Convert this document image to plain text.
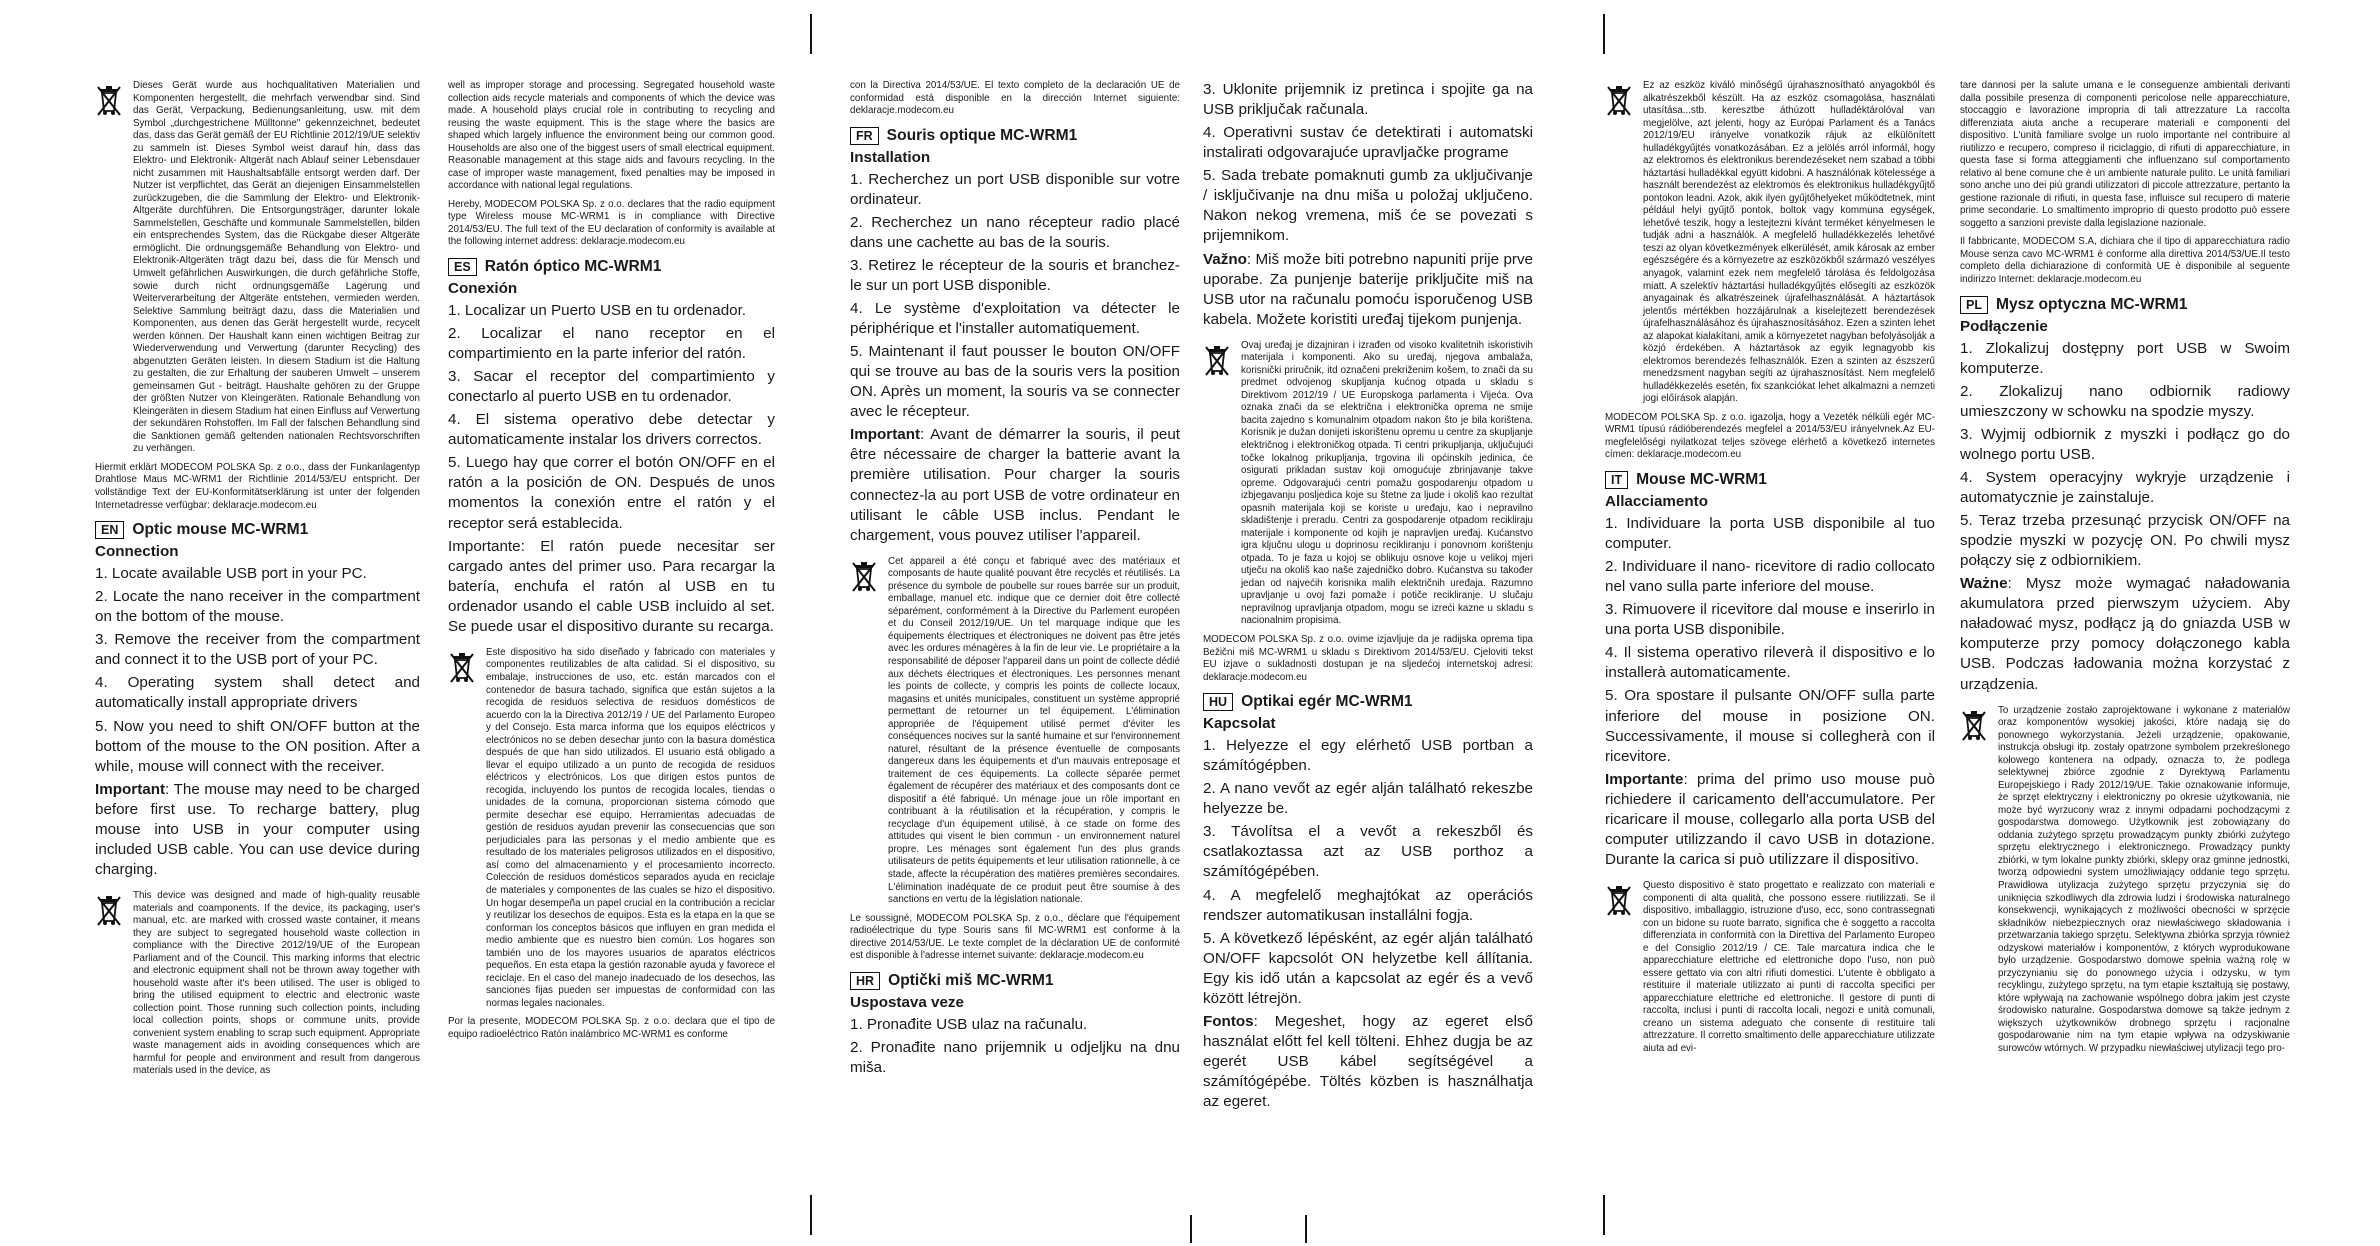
Dieses Gerät wurde aus hochqualitativen Materialien und Komponenten hergestellt, die mehrfach verwendbar sind. Sind das Gerät, Verpackung, Bedienungsanleitung, usw. mit dem Symbol „durchgestrichene Mülltonne" gekennzeichnet, bedeutet das, dass das Gerät gemäß der EU Richtlinie 2012/19/UE selektiv zu sammeln ist. Dieses Symbol weist darauf hin, dass das Elektro- und Elektronik- Altgerät nach Ablauf seiner Lebensdauer nicht zusammen mit Haushaltsabfälle entsorgt werden darf. Der Nutzer ist verpflichtet, das Gerät an diejenigen Einsammelstellen zurückzugeben, die die Sammlung der Elektro- und Elektronik-Altgeräte durchführen. Die Entsorgungsträger, darunter lokale Sammelstellen, Geschäfte und kommunale Sammelstellen, bilden ein entsprechendes System, das die Rückgabe dieser Altgeräte ermöglicht. Die ordnungsgemäße Behandlung von Elektro- und Elektronik-Altgeräten trägt dazu bei, dass die für Mensch und Umwelt gefährlichen Auswirkungen, die durch gefährliche Stoffe, sowie durch nicht ordnungsgemäße Lagerung und Weiterverarbeitung der Altgeräte entstehen, vermieden werden. Selektive Sammlung beiträgt dazu, dass die Materialien und Komponenten, aus denen das Gerät hergestellt wurde, recycelt werden können. Der Haushalt kann einen wichtigen Beitrag zur Wiederverwendung und Verwertung (darunter Recycling) des abgenutzten Geräten leisten. In diesem Stadium ist die Haltung zu gestalten, die zur Erhaltung der sauberen Umwelt – unserem gemeinsamen Gut - beiträgt. Haushalte gehören zu der Gruppe der größten Nutzer von Kleingeräten. Rationale Behandlung von Kleingeräten in diesem Stadium hat einen Einfluss auf Verwertung der sekundären Rohstoffen. Im Fall der falschen Behandlung sind die Sanktionen gemäß geltenden nationalen Rechtsvorschriften zu verhängen.

Hiermit erklärt MODECOM POLSKA Sp. z o.o., dass der Funkanlagentyp Drahtlose Maus MC-WRM1 der Richtlinie 2014/53/EU entspricht. Der vollständige Text der EU-Konformitätserklärung ist unter der folgenden Internetadresse verfügbar: deklaracje.modecom.eu

EN Optic mouse MC-WRM1
Connection

1. Locate available USB port in your PC.

2. Locate the nano receiver in the compartment on the bottom of the mouse.

3. Remove the receiver from the compartment and connect it to the USB port of your PC.

4. Operating system shall detect and automatically install appropriate drivers

5. Now you need to shift ON/OFF button at the bottom of the mouse to the ON position. After a while, mouse will connect with the receiver.

Important: The mouse may need to be charged before first use. To recharge battery, plug mouse into USB in your computer using included USB cable. You can use device during charging.

This device was designed and made of high-quality reusable materials and coamponents. If the device, its packaging, user's manual, etc. are marked with crossed waste container, it means they are subject to segregated household waste collection in compliance with the Directive 2012/19/UE of the European Parliament and of the Council. This marking informs that electric and electronic equipment shall not be thrown away together with household waste after it's been utilised. The user is obliged to bring the utilised equipment to electric and electronic waste collection point. Those running such collection points, including local collection points, shops or commune units, provide convenient system enabling to scrap such equipment. Appropriate waste management aids in avoiding consequences which are harmful for people and environment and result from dangerous materials used in the device, as

well as improper storage and processing. Segregated household waste collection aids recycle materials and components of which the device was made. A household plays crucial role in contributing to recycling and reusing the waste equipment. This is the stage where the basics are shaped which largely influence the environment being our common good. Households are also one of the biggest users of small electrical equipment. Reasonable management at this stage aids and favours recycling. In the case of improper waste management, fixed penalties may be imposed in accordance with national legal regulations.

Hereby, MODECOM POLSKA Sp. z o.o. declares that the radio equipment type Wireless mouse MC-WRM1 is in compliance with Directive 2014/53/EU. The full text of the EU declaration of conformity is available at the following internet address: deklaracje.modecom.eu

ES Ratón óptico MC-WRM1
Conexión

1. Localizar un Puerto USB en tu ordenador.

2. Localizar el nano receptor en el compartimiento en la parte inferior del ratón.

3. Sacar el receptor del compartimiento y conectarlo al puerto USB en tu ordenador.

4. El sistema operativo debe detectar y automaticamente instalar los drivers correctos.

5. Luego hay que correr el botón ON/OFF en el ratón a la posición de ON. Después de unos momentos la conexión entre el ratón y el receptor será establecida.

Importante: El ratón puede necesitar ser cargado antes del primer uso. Para recargar la batería, enchufa el ratón al USB en tu ordenador usando el cable USB incluido al set. Se puede usar el dispositivo durante su recarga.

Este dispositivo ha sido diseñado y fabricado con materiales y componentes reutilizables de alta calidad. Si el dispositivo, su embalaje, instrucciones de uso, etc. están marcados con el contenedor de basura tachado, significa que están sujetos a la recogida de residuos selectiva de residuos domésticos de acuerdo con la la Directiva 2012/19 / UE del Parlamento Europeo y del Consejo. Esta marca informa que los equipos eléctricos y electrónicos no se deben desechar junto con la basura doméstica después de que han sido utilizados. El usuario está obligado a llevar el equipo utilizado a un punto de recogida de residuos eléctricos y electrónicos. Los que dirigen estos puntos de recogida, incluyendo los puntos de recogida locales, tiendas o unidades de la comuna, proporcionan sistema cómodo que permite desechar ese equipo. Herramientas adecuadas de gestión de residuos ayudan prevenir las consecuencias que son perjudiciales para las personas y el medio ambiente que es resultado de los materiales peligrosos utilizados en el dispositivo, así como del almacenamiento y el procesamiento incorrecto. Colección de residuos domésticos separados ayuda en reciclaje de materiales y componentes de las cuales se hizo el dispositivo. Un hogar desempeña un papel crucial en la contribución a reciclar y reutilizar los desechos de equipos. Esta es la etapa en la que se conforman los conceptos básicos que influyen en gran medida el medio ambiente que es nuestro bien común. Los hogares son también uno de los mayores usuarios de aparatos eléctricos pequeños. En esta etapa la gestión razonable ayuda y favorece el reciclaje. En el caso del manejo inadecuado de los desechos, las sanciones fijas pueden ser impuestas de conformidad con las normas legales nacionales.

Por la presente, MODECOM POLSKA Sp. z o.o. declara que el tipo de equipo radioeléctrico Ratón inalámbrico MC-WRM1 es conforme

con la Directiva 2014/53/UE. El texto completo de la declaración UE de conformidad está disponible en la dirección Internet siguiente: deklaracje.modecom.eu

FR Souris optique MC-WRM1
Installation

1. Recherchez un port USB disponible sur votre ordinateur.

2. Recherchez un nano récepteur radio placé dans une cachette au bas de la souris.

3. Retirez le récepteur de la souris et branchez-le sur un port USB disponible.

4. Le système d'exploitation va détecter le périphérique et l'installer automatiquement.

5. Maintenant il faut pousser le bouton ON/OFF qui se trouve au bas de la souris vers la position ON. Après un moment, la souris va se connecter avec le récepteur.

Important: Avant de démarrer la souris, il peut être nécessaire de charger la batterie avant la première utilisation. Pour charger la souris connectez-la au port USB de votre ordinateur en utilisant le câble USB inclus. Pendant le chargement, vous pouvez utiliser l'appareil.

Cet appareil a été conçu et fabriqué avec des matériaux et composants de haute qualité pouvant être recyclés et réutilisés. La présence du symbole de poubelle sur roues barrée sur un produit, emballage, manuel etc. indique que ce dernier doit être collecté séparément, conformément à la Directive du Parlement européen et du Conseil 2012/19/UE. Un tel marquage indique que les équipements électriques et électroniques ne doivent pas être jetés avec les ordures ménagères à la fin de leur vie. Le propriétaire a la responsabilité de déposer l'appareil dans un point de collecte dédié aux déchets électriques et électroniques. Les personnes menant les points de collecte, y compris les points de collecte locaux, magasins et unités municipales, constituent un système approprié permettant de retourner un tel équipement. L'élimination appropriée de l'équipement utilisé permet d'éviter les conséquences nocives sur la santé humaine et sur l'environnement naturel, résultant de la présence éventuelle de composants dangereux dans les équipements et d'un mauvais entreposage et traitement de ces équipements. La collecte séparée permet également de récupérer des matériaux et des composants dont ce dispositif a été fabriqué. Un ménage joue un rôle important en contribuant à la réutilisation et la récupération, y compris le recyclage d'un équipement utilisé, à ce stade on forme des attitudes qui visent le bien commun - un environnement naturel propre. Les ménages sont également l'un des plus grands utilisateurs de petits équipements et leur utilisation rationnelle, à ce stade, affecte la récupération des matières premières secondaires. L'élimination inadéquate de ce produit peut être soumise à des sanctions en vertu de la législation nationale.

Le soussigné, MODECOM POLSKA Sp. z o.o., déclare que l'équipement radioélectrique du type Souris sans fil MC-WRM1 est conforme à la directive 2014/53/UE. Le texte complet de la déclaration UE de conformité est disponible à l'adresse internet suivante: deklaracje.modecom.eu

HR Optički miš MC-WRM1
Uspostava veze

1. Pronađite USB ulaz na računalu.

2. Pronađite nano prijemnik u odjeljku na dnu miša.

3. Uklonite prijemnik iz pretinca i spojite ga na USB priključak računala.

4. Operativni sustav će detektirati i automatski instalirati odgovarajuće upravljačke programe

5. Sada trebate pomaknuti gumb za uključivanje / isključivanje na dnu miša u položaj uključeno. Nakon nekog vremena, miš će se povezati s prijemnikom.

Važno: Miš može biti potrebno napuniti prije prve uporabe. Za punjenje baterije priključite miš na USB utor na računalu pomoću isporučenog USB kabela. Možete koristiti uređaj tijekom punjenja.

Ovaj uređaj je dizajniran i izrađen od visoko kvalitetnih iskoristivih materijala i komponenti. Ako su uređaj, njegova ambalaža, korisnički priručnik, itd označeni prekriženim košem, to znači da su predmet odvojenog skupljanja kućnog otpada u skladu s Direktivom 2012/19 / UE Europskoga parlamenta i Vijeća. Ova oznaka znači da se električna i elektronička oprema ne smije bacita zajedno s komunalnim otpadom nakon što je bila korištena. Korisnik je dužan donijeti iskorištenu opremu u centre za skupljanje električnog i elektroničkog otpada. Ti centri prikupljanja, uključujući točke lokalnog prikupljanja, trgovina ili općinskih jedinica, će osigurati prikladan sustav koji omogućuje zbrinjavanje takve opreme. Odgovarajući centri pomažu gospodarenju otpadom u izbjegavanju posljedica koje su štetne za ljude i okoliš kao rezultat opasnih materijala koji se koriste u uređaju, kao i nepravilno skladištenje i preradu. Centri za gospodarenje otpadom recikliraju materijale i komponente od kojih je napravljen uređaj. Kućanstvo igra ključnu ulogu u doprinosu recikliranju i ponovnom korištenju otpada. To je faza u kojoj se oblikuju osnove koje u velikoj mjeri utječu na okoliš kao naše zajedničko dobro. Kućanstva su također jedan od najvećih korisnika malih električnih uređaja. Razumno upravljanje u ovoj fazi pomaže i potiče recikliranje. U slučaju nepravilnog upravljanja otpadom, mogu se izreći kazne u skladu s nacionalnim propisima.

MODECOM POLSKA Sp. z o.o. ovime izjavljuje da je radijska oprema tipa Bežični miš MC-WRM1 u skladu s Direktivom 2014/53/EU. Cjeloviti tekst EU izjave o sukladnosti dostupan je na sljedećoj internetskoj adresi: deklaracje.modecom.eu

HU Optikai egér MC-WRM1
Kapcsolat

1. Helyezze el egy elérhető USB portban a számítógépben.

2. A nano vevőt az egér alján található rekeszbe helyezze be.

3. Távolítsa el a vevőt a rekeszből és csatlakoztassa azt az USB porthoz a számítógépében.

4. A megfelelő meghajtókat az operációs rendszer automatikusan installálni fogja.

5. A következő lépésként, az egér alján található ON/OFF kapcsolót ON helyzetbe kell állítania. Egy kis idő után a kapcsolat az egér és a vevő között létrejön.

Fontos: Megeshet, hogy az egeret első használat előtt fel kell tölteni. Ehhez dugja be az egerét USB kábel segítségével a számítógépébe. Töltés közben is használhatja az egeret.

Ez az eszköz kiváló minőségű újrahasznosítható anyagokból és alkatrészekből készült. Ha az eszköz csomagolása, használati utasítása...stb. keresztbe áthúzott hulladéktárolóval van megjelölve, azt jelenti, hogy az Európai Parlament és a Tanács 2012/19/EU irányelve vonatkozik rájuk az elkülönített hulladékgyűjtés vonatkozásában. Ez a jelölés arról informál, hogy az elektromos és elektronikus berendezéseket nem szabad a többi háztartási hulladékkal együtt kidobni. A használónak kötelessége a használt berendezést az elektromos és elektronikus hulladékgyűjtő pontokon leadni. Azok, akik ilyen gyűjtőhelyeket működtetnek, mint például helyi gyűjtő pontok, boltok vagy kommuna egységek, lehetővé teszik, hogy a lestejtezni kívánt terméket kényelmesen le tudják adni a használók. A megfelelő hulladékkezelés lehetővé teszi az olyan következmények elkerülését, amik károsak az ember egészségére és a környezetre az eszközökből származó veszélyes anyagok, valamint ezek nem megfelelő tárolása és feldolgozása miatt. A szelektív háztartási hulladékgyűjtés elősegíti az eszközök anyagainak és alkatrészeinek újrafelhasználását. A háztartások jelentős mértékben hozzájárulnak a kiselejtezett berendezések újrafelhasználásához és újrahasznosításához. Ezen a szinten lehet az alapokat kialakítani, amik a környezetet nagyban befolyásolják a közjó érdekében. A háztartások az egyik legnagyobb kis elektromos berendezés felhasználók. Ezen a szinten az észszerű menedzsment nagyban segíti az újrahasznosítást. Nem megfelelő hulladékkezelés esetén, fix szankciókat lehet alkalmazni a nemzeti jogi előírások alapján.

MODECOM POLSKA Sp. z o.o. igazolja, hogy a Vezeték nélküli egér MC-WRM1 típusú rádióberendezés megfelel a 2014/53/EU irányelvnek.Az EU-megfelelőségi nyilatkozat teljes szövege elérhető a következő internetes címen: deklaracje.modecom.eu

IT Mouse MC-WRM1
Allacciamento

1. Individuare la porta USB disponibile al tuo computer.

2. Individuare il nano- ricevitore di radio collocato nel vano sulla parte inferiore del mouse.

3. Rimuovere il ricevitore dal mouse e inserirlo in una porta USB disponibile.

4. Il sistema operativo rileverà il dispositivo e lo installerà automaticamente.

5. Ora spostare il pulsante ON/OFF sulla parte inferiore del mouse in posizione ON. Successivamente, il mouse si collegherà con il ricevitore.

Importante: prima del primo uso mouse può richiedere il caricamento dell'accumulatore. Per ricaricare il mouse, collegarlo alla porta USB del computer utilizzando il cavo USB in dotazione. Durante la carica si può utilizzare il dispositivo.

Questo dispositivo è stato progettato e realizzato con materiali e componenti di alta qualità, che possono essere riutilizzati. Se il dispositivo, imballaggio, istruzione d'uso, ecc, sono contrassegnati con un bidone su ruote barrato, significa che è soggetto a raccolta differenziata in conformità con la Direttiva del Parlamento Europeo e del Consiglio 2012/19 / CE. Tale marcatura indica che le apparecchiature elettriche ed elettroniche dopo l'uso, non può essere gettato via con altri rifiuti domestici. L'utente è obbligato a restituire il materiale utilizzato ai punti di raccolta specifici per apparecchiature elettriche ed elettroniche. Il gestore di punti di raccolta, inclusi i punti di raccolta locali, negozi e unità comunali, creano un sistema adeguato che consente di restituire tali attrezzature. Il corretto smaltimento delle apparecchiature utilizzate aiuta ad evi-

tare dannosi per la salute umana e le conseguenze ambientali derivanti dalla possibile presenza di componenti pericolose nelle apparecchiature, stoccaggio e lavorazione impropria di tali attrezzature La raccolta differenziata aiuta anche a recuperare materiali e componenti del dispositivo. L'unità familiare svolge un ruolo importante nel contribuire al riutilizzo e recupero, compreso il riciclaggio, di rifiuti di apparecchiature, in questa fase si forma atteggiamenti che influenzano sul comportamento relativo al bene comune che è un ambiente naturale pulito. Le unità familiari sono anche uno dei più grandi utilizzatori di piccole attrezzature, pertanto la gestione razionale di rifiuti, in questa fase, influisce sul recupero di materie prime secondarie. Lo smaltimento improprio di questo prodotto può essere soggetto a sanzioni previste dalla legislazione nazionale.

Il fabbricante, MODECOM S.A, dichiara che il tipo di apparecchiatura radio Mouse senza cavo MC-WRM1 è conforme alla direttiva 2014/53/UE.Il testo completo della dichiarazione di conformità UE è disponibile al seguente indirizzo Internet: deklaracje.modecom.eu

PL Mysz optyczna MC-WRM1
Podłączenie

1. Zlokalizuj dostępny port USB w Swoim komputerze.

2. Zlokalizuj nano odbiornik radiowy umieszczony w schowku na spodzie myszy.

3. Wyjmij odbiornik z myszki i podłącz go do wolnego portu USB.

4. System operacyjny wykryje urządzenie i automatycznie je zainstaluje.

5. Teraz trzeba przesunąć przycisk ON/OFF na spodzie myszki w pozycję ON. Po chwili mysz połączy się z odbiornikiem.

Ważne: Mysz może wymagać naładowania akumulatora przed pierwszym użyciem. Aby naładować mysz, podłącz ją do gniazda USB w komputerze przy pomocy dołączonego kabla USB. Podczas ładowania można korzystać z urządzenia.

To urządzenie zostało zaprojektowane i wykonane z materiałów oraz komponentów wysokiej jakości, które nadają się do ponownego wykorzystania. Jeżeli urządzenie, opakowanie, instrukcja obsługi itp. zostały opatrzone symbolem przekreślonego kołowego kontenera na odpady, oznacza to, że podlega selektywnej zbiórce zgodnie z Dyrektywą Parlamentu Europejskiego i Rady 2012/19/UE. Takie oznakowanie informuje, że sprzęt elektryczny i elektroniczny po okresie użytkowania, nie może być wyrzucony wraz z innymi odpadami pochodzącymi z gospodarstwa domowego. Użytkownik jest zobowiązany do oddania zużytego sprzętu prowadzącym punkty zbiórki zużytego sprzętu elektrycznego i elektronicznego. Prowadzący punkty zbiórki, w tym lokalne punkty zbiórki, sklepy oraz gminne jednostki, tworzą odpowiedni system umożliwiający oddanie tego sprzętu. Prawidłowa utylizacja zużytego sprzętu przyczynia się do uniknięcia szkodliwych dla zdrowia ludzi i środowiska naturalnego konsekwencji, wynikających z możliwości obecności w sprzęcie składników niebezpiecznych oraz niewłaściwego składowania i przetwarzania takiego sprzętu. Selektywna zbiórka sprzyja również odzyskowi materiałów i komponentów, z których wyprodukowane było urządzenie. Gospodarstwo domowe spełnia ważną rolę w przyczynianiu się do ponownego użycia i odzysku, w tym recyklingu, zużytego sprzętu, na tym etapie kształtują się postawy, które wpływają na zachowanie wspólnego dobra jakim jest czyste środowisko naturalne. Gospodarstwa domowe są także jednym z większych użytkowników drobnego sprzętu i racjonalne gospodarowanie nim na tym etapie wpływa na odzyskiwanie surowców wtórnych. W przypadku niewłaściwej utylizacji tego pro-
